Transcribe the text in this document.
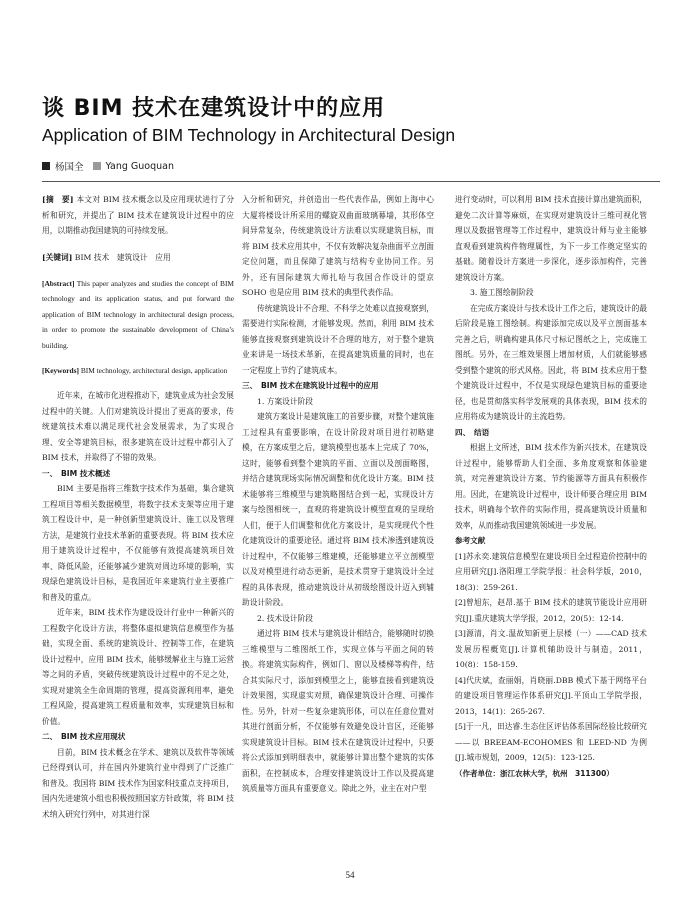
谈 BIM 技术在建筑设计中的应用
Application of BIM Technology in Architectural Design
杨国全 Yang Guoquan

[摘　要] 本文对 BIM 技术概念以及应用现状进行了分析和研究，并提出了 BIM 技术在建筑设计过程中的应用，以期推动我国建筑的可持续发展。

[关键词] BIM 技术　建筑设计　应用

[Abstract] This paper analyzes and studies the concept of BIM technology and its application status, and put forward the application of BIM technology in architectural design process, in order to promote the sustainable development of China’s building.

[Keywords] BIM technology, architectural design, application

近年来，在城市化进程推动下，建筑业成为社会发展过程中的关键。人们对建筑设计提出了更高的要求，传统建筑技术难以满足现代社会发展需求，为了实现合理、安全等建筑目标，很多建筑在设计过程中都引入了 BIM 技术，并取得了不错的效果。

一、　BIM 技术概述

BIM 主要是指将三维数字技术作为基础，集合建筑工程项目等相关数据模型，将数字技术支架等应用于建筑工程设计中，是一种创新型建筑设计、施工以及管理方法，是建筑行业技术革新的重要表现。将 BIM 技术应用于建筑设计过程中，不仅能够有效提高建筑项目效率、降低风险，还能够减少建筑对周边环境的影响，实现绿色建筑设计目标，是我国近年来建筑行业主要推广和普及的重点。

近年来，BIM 技术作为建设设计行业中一种新兴的工程数字化设计方法，将整体虚拟建筑信息模型作为基础，实现全面、系统的建筑设计、控制等工作，在建筑设计过程中，应用 BIM 技术，能够缓解业主与施工运营等之间的矛盾，突破传统建筑设计过程中的不足之处，实现对建筑全生命周期的管理，提高资源利用率，避免工程风险，提高建筑工程质量和效率，实现建筑目标和价值。

二、　BIM 技术应用现状

目前，BIM 技术概念在学术、建筑以及软件等领域已经得到认可，并在国内外建筑行业中得到了广泛推广和普及。我国将 BIM 技术作为国家科技重点支持项目，国内先进建筑小组也积极按照国家方针政策，将 BIM 技术纳入研究行列中，对其进行深

入分析和研究，并创造出一些代表作品，例如上海中心大厦将楼设计所采用的螺旋双曲面玻璃幕墙，其形体空间异常复杂，传统建筑设计方法难以实现建筑目标，而将 BIM 技术应用其中，不仅有效解决复杂曲面平立剖面定位问题，而且保障了建筑与结构专业协同工作。另外，还有国际建筑大师扎哈与我国合作设计的望京 SOHO 也是应用 BIM 技术的典型代表作品。

传统建筑设计不合理、不科学之处难以直接观察到，需要进行实际检测，才能够发现。然而，利用 BIM 技术能够直接观察到建筑设计不合理的地方，对于整个建筑业来讲是一场技术革新，在提高建筑质量的同时，也在一定程度上节约了建筑成本。

三、　BIM 技术在建筑设计过程中的应用

1. 方案设计阶段

建筑方案设计是建筑施工的首要步骤，对整个建筑施工过程具有重要影响，在设计阶段对项目进行初略建模，在方案成型之后，建筑模型也基本上完成了 70%，这时，能够看到整个建筑的平面、立面以及剖面略图，并结合建筑现场实际情况调整和优化设计方案。BIM 技术能够将三维模型与建筑略图结合到一起，实现设计方案与绘图相统一，直观的将建筑设计模型直观的呈现给人们，便于人们调整和优化方案设计，是实现现代个性化建筑设计的重要途径。通过将 BIM 技术渗透到建筑设计过程中，不仅能够三维建模，还能够建立平立剖模型以及对模型进行动态更新，是技术贯穿于建筑设计全过程的具体表现，推动建筑设计从初级绘图设计迈入到辅助设计阶段。

2. 技术设计阶段

通过将 BIM 技术与建筑设计相结合，能够随时切换三维模型与二维图纸工作，实现立体与平面之间的转换。将建筑实际构件，例如门、窗以及楼梯等构件，结合其实际尺寸，添加到模型之上，能够直接看到建筑设计效果图，实现虚实对照，确保建筑设计合理、可操作性。另外，针对一些复杂建筑形体，可以在任意位置对其进行剖面分析，不仅能够有效避免设计盲区，还能够实现建筑设计目标。BIM 技术在建筑设计过程中，只要将公式添加到明细表中，就能够计算出整个建筑的实体面积，在控制成本，合理安排建筑设计工作以及提高建筑质量等方面具有重要意义。除此之外，业主在对户型

进行变动时，可以利用 BIM 技术直接计算出建筑面积，避免二次计算等麻烦，在实现对建筑设计三维可视化管理以及数据管理等工作过程中，建筑设计师与业主能够直观看到建筑构件物理属性，为下一步工作奠定坚实的基础。随着设计方案进一步深化，逐步添加构件，完善建筑设计方案。

3. 施工图绘制阶段

在完成方案设计与技术设计工作之后，建筑设计的最后阶段是施工图绘制。构建添加完成以及平立剖面基本完善之后，明确构建具体尺寸标记图纸之上，完成施工图纸。另外，在三维效果图上增加材质，人们就能够感受到整个建筑的形式风格。因此，将 BIM 技术应用于整个建筑设计过程中，不仅是实现绿色建筑目标的重要途径，也是贯彻落实科学发展观的具体表现，BIM 技术的应用将成为建筑设计的主流趋势。

四、　结语

根据上文所述，BIM 技术作为新兴技术，在建筑设计过程中，能够帮助人们全面、多角度观察和体验建筑，对完善建筑设计方案、节约能源等方面具有积极作用。因此，在建筑设计过程中，设计师要合理应用 BIM 技术，明确每个软件的实际作用，提高建筑设计质量和效率，从而推动我国建筑领域进一步发展。

参考文献

[1]苏永奕.建筑信息模型在建设项目全过程造价控制中的应用研究[J].洛阳理工学院学报：社会科学版，2010，18(3)：259-261.

[2]曾旭东，赵昂.基于 BIM 技术的建筑节能设计应用研究[J].重庆建筑大学学报，2012，20(5)：12-14.

[3]源清，肖文.温故知新更上层楼（一）——CAD 技术发展历程概览[J].计算机辅助设计与制造，2011，10(8)：158-159.

[4]代庆斌，查丽娟，肖晓丽.DBB 模式下基于网络平台的建设项目管理运作体系研究[J].平顶山工学院学报，2013，14(1)：265-267.

[5]于一凡，田达睿.生态住区评估体系国际经验比较研究——以 BREEAM-ECOHOMES 和 LEED-ND 为例[J].城市规划，2009，12(5)：123-125.

（作者单位：浙江农林大学，杭州　311300）

54
